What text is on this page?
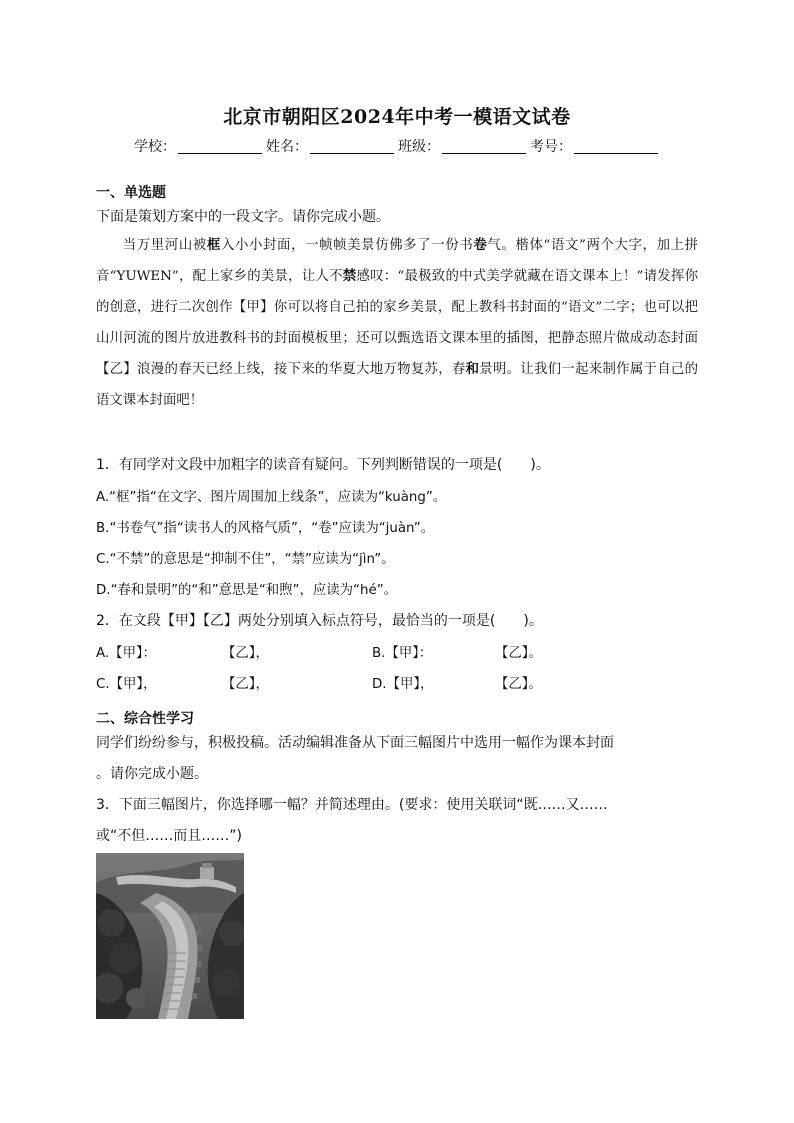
北京市朝阳区2024年中考一模语文试卷
学校：	姓名：	班级：	考号：
一、单选题
下面是策划方案中的一段文字。请你完成小题。

当万里河山被框入小小封面，一帧帧美景仿佛多了一份书卷气。楷体“语文”两个大字，加上拼音“YUWEN”，配上家乡的美景，让人不禁感叹：“最极致的中式美学就藏在语文课本上！”请发挥你的创意，进行二次创作【甲】你可以将自己拍的家乡美景，配上教科书封面的“语文”二字；也可以把山川河流的图片放进教科书的封面模板里；还可以甄选语文课本里的插图，把静态照片做成动态封面【乙】浪漫的春天已经上线，接下来的华夏大地万物复苏，春和景明。让我们一起来制作属于自己的语文课本封面吧！

1．有同学对文段中加粗字的读音有疑问。下列判断错误的一项是(　　)。
A.“框”指“在文字、图片周围加上线条”，应读为“kuàng”。
B.“书卷气”指“读书人的风格气质”，“卷”应读为“juàn”。
C.“不禁”的意思是“抑制不住”，“禁”应读为“jìn”。
D.“春和景明”的“和”意思是“和煦”，应读为“hé”。
2．在文段【甲】【乙】两处分别填入标点符号，最恰当的一项是(　　)。
A.【甲】：	【乙】，	B.【甲】：	【乙】。
C.【甲】，	【乙】，	D.【甲】，	【乙】。
二、综合性学习
同学们纷纷参与，积极投稿。活动编辑准备从下面三幅图片中选用一幅作为课本封面
。请你完成小题。
3．下面三幅图片，你选择哪一幅？并简述理由。(要求：使用关联词“既……又……
或“不但……而且……”)
